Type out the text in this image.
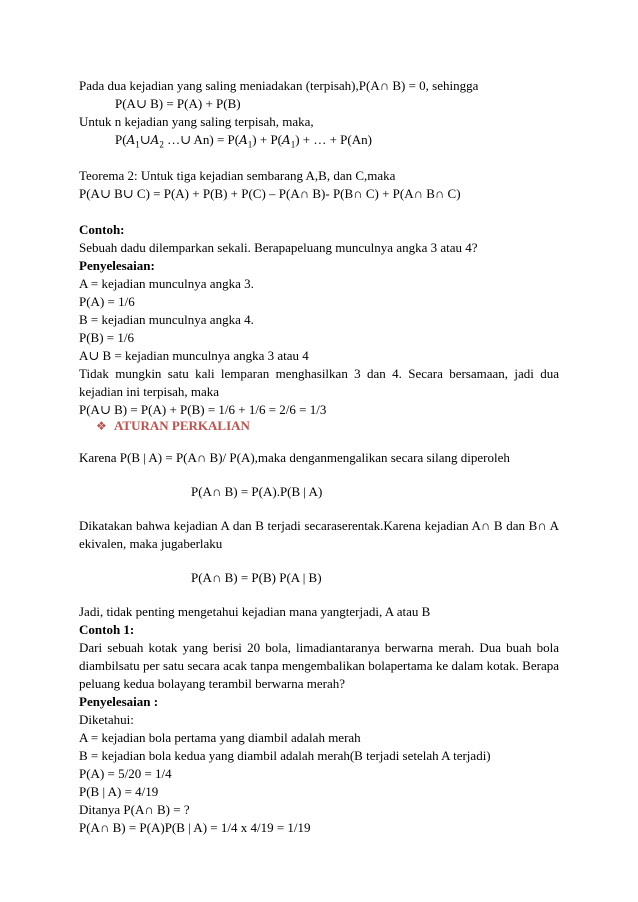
Pada dua kejadian yang saling meniadakan (terpisah),P(A∩ B) = 0, sehingga
P(A∪ B) = P(A) + P(B)
Untuk n kejadian yang saling terpisah, maka,
$P(A_1\cup A_2$ …∪ $An) = P(A_1) + P(A_1)$ + … + P(An)
Teorema 2: Untuk tiga kejadian sembarang A,B, dan C,maka
P(A∪ B∪ C) = P(A) + P(B) + P(C) – P(A∩ B)- P(B∩ C) + P(A∩ B∩ C)
Contoh:
Sebuah dadu dilemparkan sekali. Berapapeluang munculnya angka 3 atau 4?
Penyelesaian:
A = kejadian munculnya angka 3.
P(A) = 1/6
B = kejadian munculnya angka 4.
P(B) = 1/6
A∪ B = kejadian munculnya angka 3 atau 4
Tidak mungkin satu kali lemparan menghasilkan 3 dan 4. Secara bersamaan, jadi dua
kejadian ini terpisah, maka
P(A∪ B) = P(A) + P(B) = 1/6 + 1/6 = 2/6 = 1/3
❖ ATURAN PERKALIAN
Karena P(B | A) = P(A∩ B)/ P(A),maka denganmengalikan secara silang diperoleh
P(A∩ B) = P(A).P(B | A)
Dikatakan bahwa kejadian A dan B terjadi secaraserentak.Karena kejadian A∩ B dan B∩ A
ekivalen, maka jugaberlaku
P(A∩ B) = P(B) P(A | B)
Jadi, tidak penting mengetahui kejadian mana yangterjadi, A atau B
Contoh 1:
Dari sebuah kotak yang berisi 20 bola, limadiantaranya berwarna merah. Dua buah bola
diambilsatu per satu secara acak tanpa mengembalikan bolapertama ke dalam kotak. Berapa
peluang kedua bolayang terambil berwarna merah?
Penyelesaian :
Diketahui:
A = kejadian bola pertama yang diambil adalah merah
B = kejadian bola kedua yang diambil adalah merah(B terjadi setelah A terjadi)
P(A) = 5/20 = 1/4
P(B | A) = 4/19
Ditanya P(A∩ B) = ?
P(A∩ B) = P(A)P(B | A) = 1/4 x 4/19 = 1/19
